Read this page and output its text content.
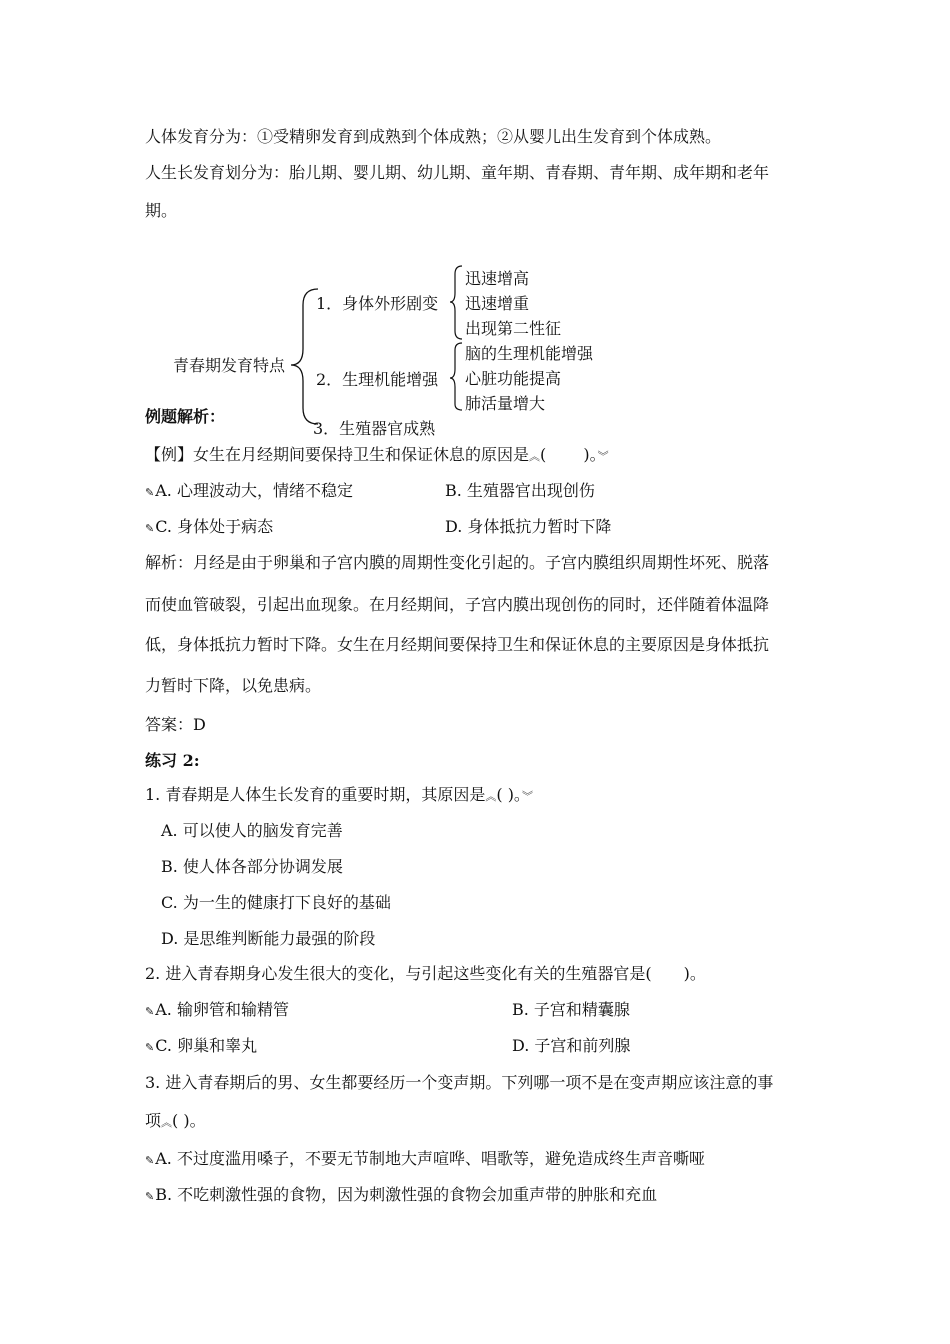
人体发育分为：①受精卵发育到成熟到个体成熟；②从婴儿出生发育到个体成熟。
人生长发育划分为：胎儿期、婴儿期、幼儿期、童年期、青春期、青年期、成年期和老年
期。
青春期发育特点
1．身体外形剧变
迅速增高
迅速增重
出现第二性征
2．生理机能增强
脑的生理机能增强
心脏功能提高
肺活量增大
3．生殖器官成熟
例题解析：
【例】女生在月经期间要保持卫生和保证休息的原因是︽(　　 )。︾
✎A. 心理波动大，情绪不稳定	B. 生殖器官出现创伤
✎C. 身体处于病态	D. 身体抵抗力暂时下降
解析：月经是由于卵巢和子宫内膜的周期性变化引起的。子宫内膜组织周期性坏死、脱落
而使血管破裂，引起出血现象。在月经期间，子宫内膜出现创伤的同时，还伴随着体温降
低，身体抵抗力暂时下降。女生在月经期间要保持卫生和保证休息的主要原因是身体抵抗
力暂时下降，以免患病。
答案：D
练习 2:
1. 青春期是人体生长发育的重要时期，其原因是︽( )。︾
A. 可以使人的脑发育完善
B. 使人体各部分协调发展
C. 为一生的健康打下良好的基础
D. 是思维判断能力最强的阶段
2. 进入青春期身心发生很大的变化，与引起这些变化有关的生殖器官是(　　)。
✎A. 输卵管和输精管	B. 子宫和精囊腺
✎C. 卵巢和睾丸	D. 子宫和前列腺
3. 进入青春期后的男、女生都要经历一个变声期。下列哪一项不是在变声期应该注意的事
项︽( )。
✎A. 不过度滥用嗓子，不要无节制地大声喧哗、唱歌等，避免造成终生声音嘶哑
✎B. 不吃刺激性强的食物，因为刺激性强的食物会加重声带的肿胀和充血
